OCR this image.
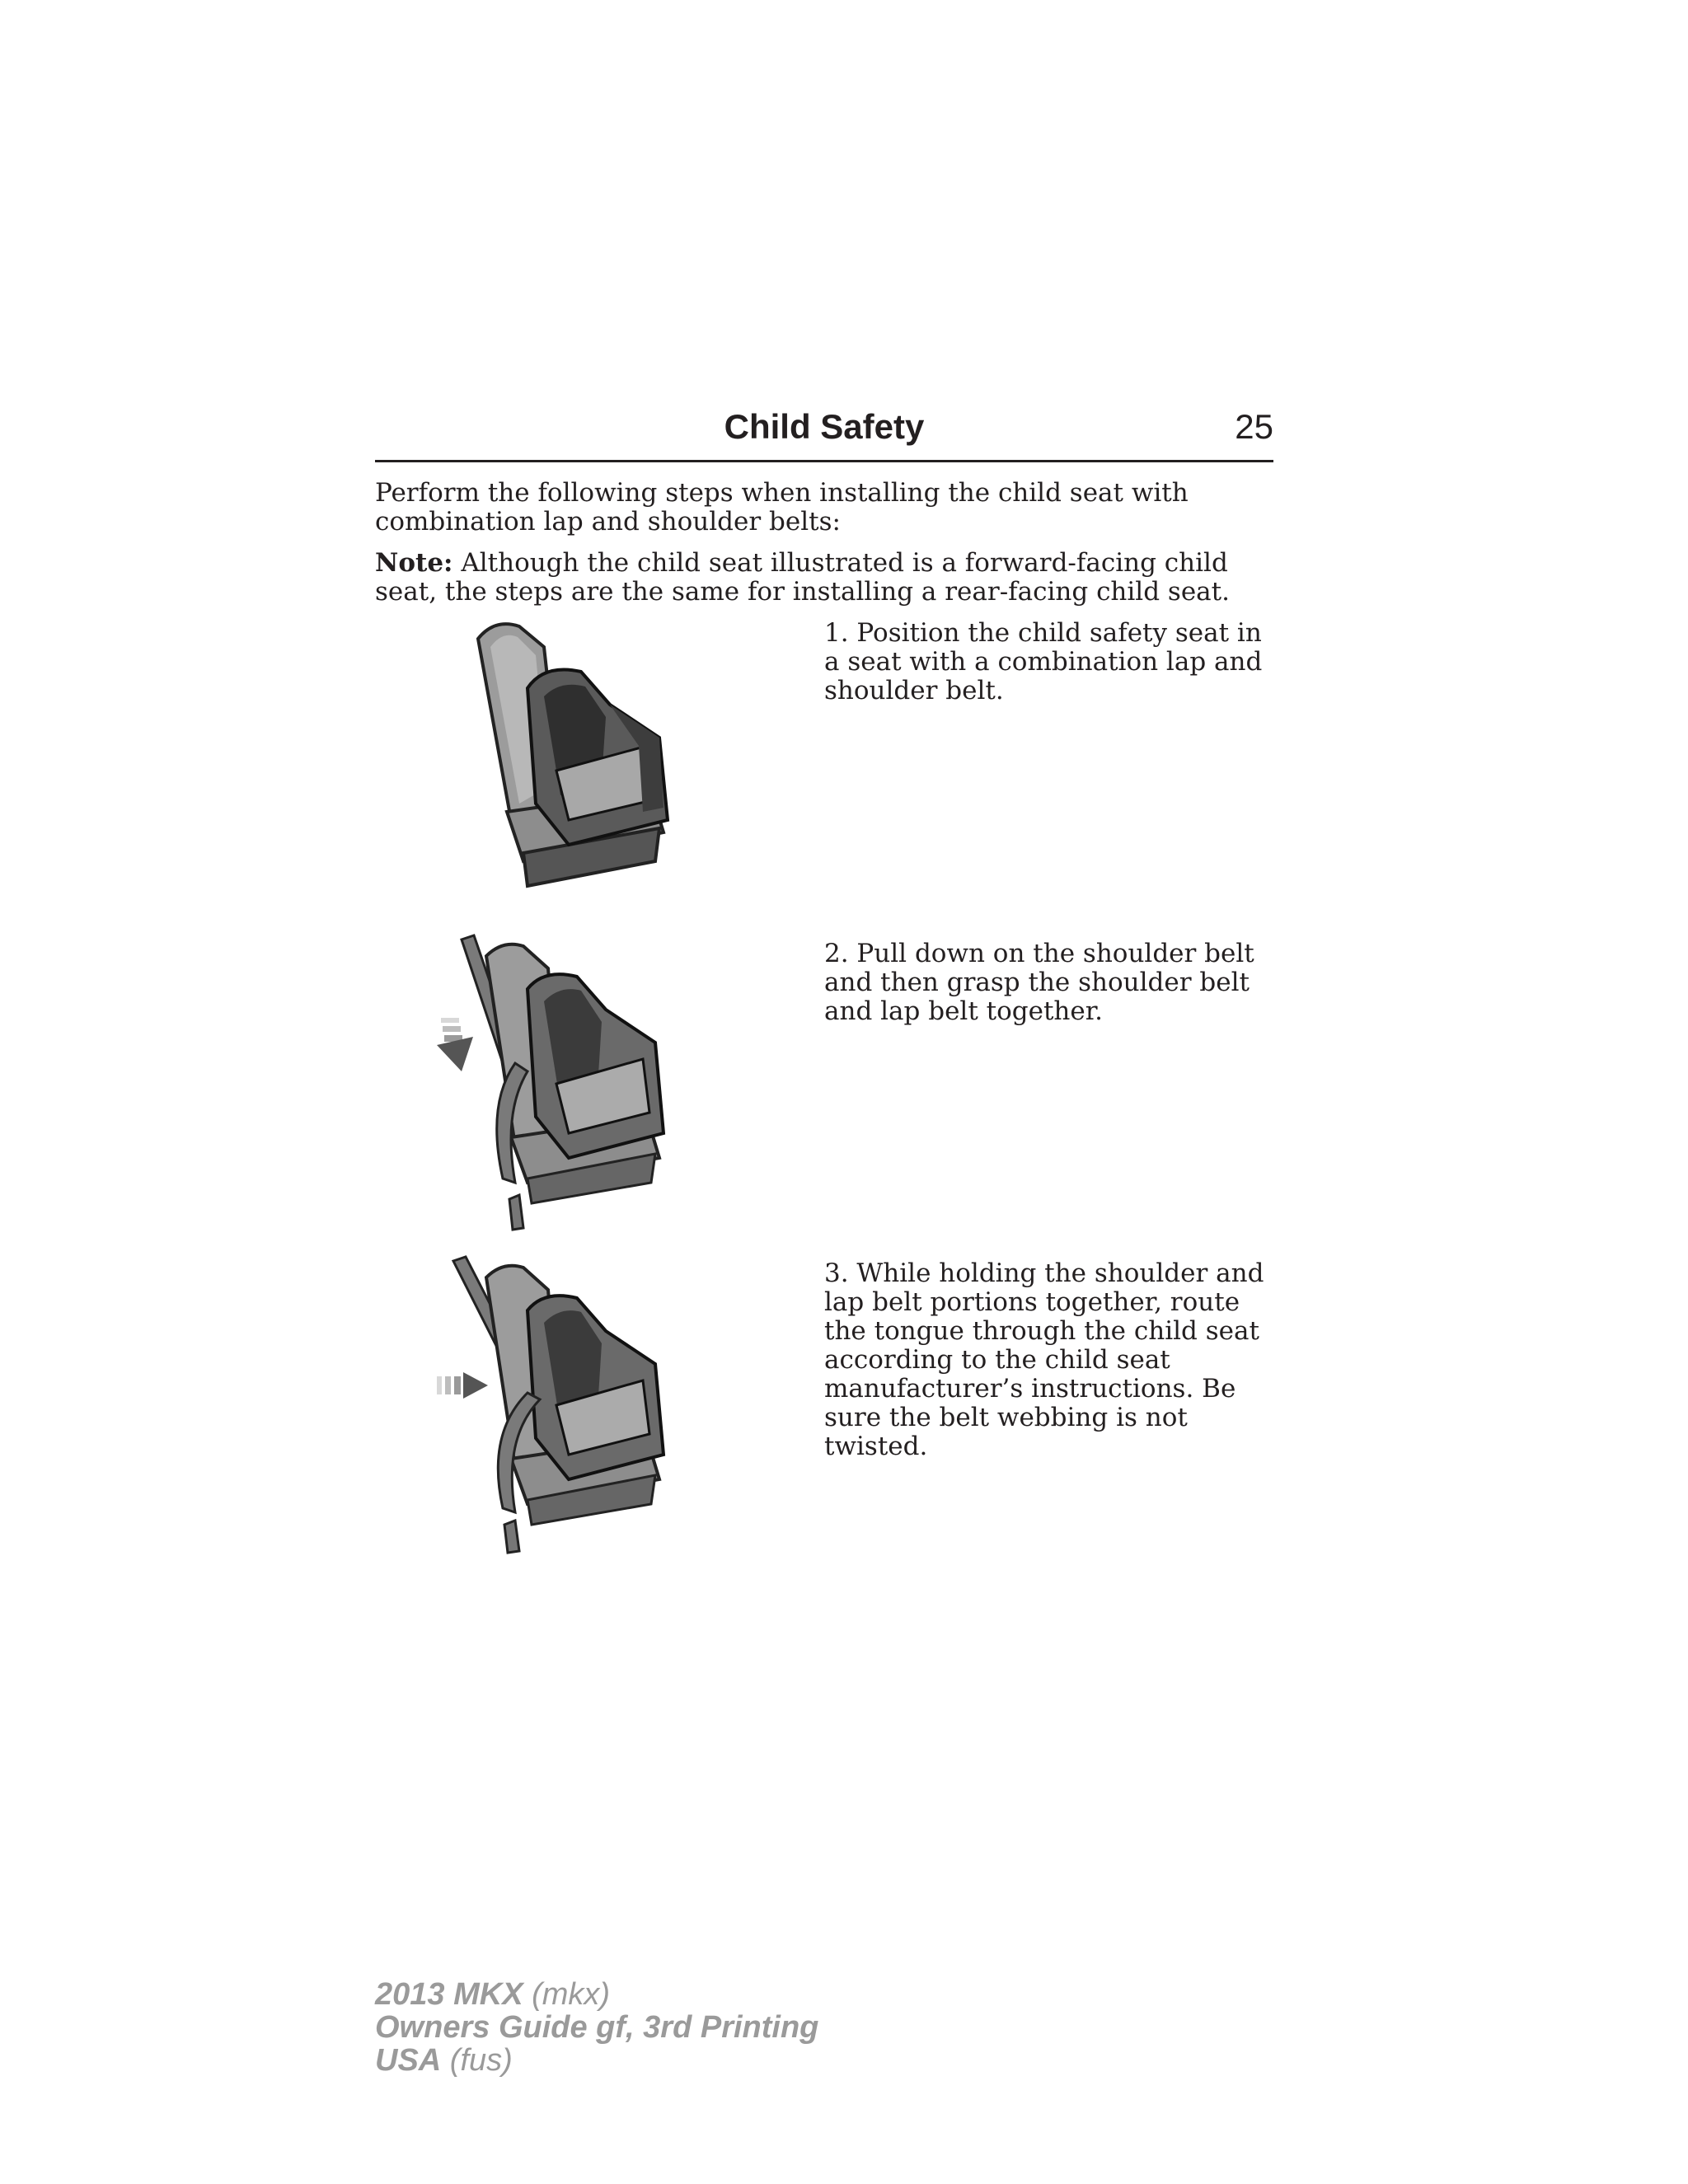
Child Safety	25

Perform the following steps when installing the child seat with combination lap and shoulder belts:

Note: Although the child seat illustrated is a forward-facing child seat, the steps are the same for installing a rear-facing child seat.

1. Position the child safety seat in a seat with a combination lap and shoulder belt.

2. Pull down on the shoulder belt and then grasp the shoulder belt and lap belt together.

3. While holding the shoulder and lap belt portions together, route the tongue through the child seat according to the child seat manufacturer’s instructions. Be sure the belt webbing is not twisted.

2013 MKX (mkx)
Owners Guide gf, 3rd Printing
USA (fus)
